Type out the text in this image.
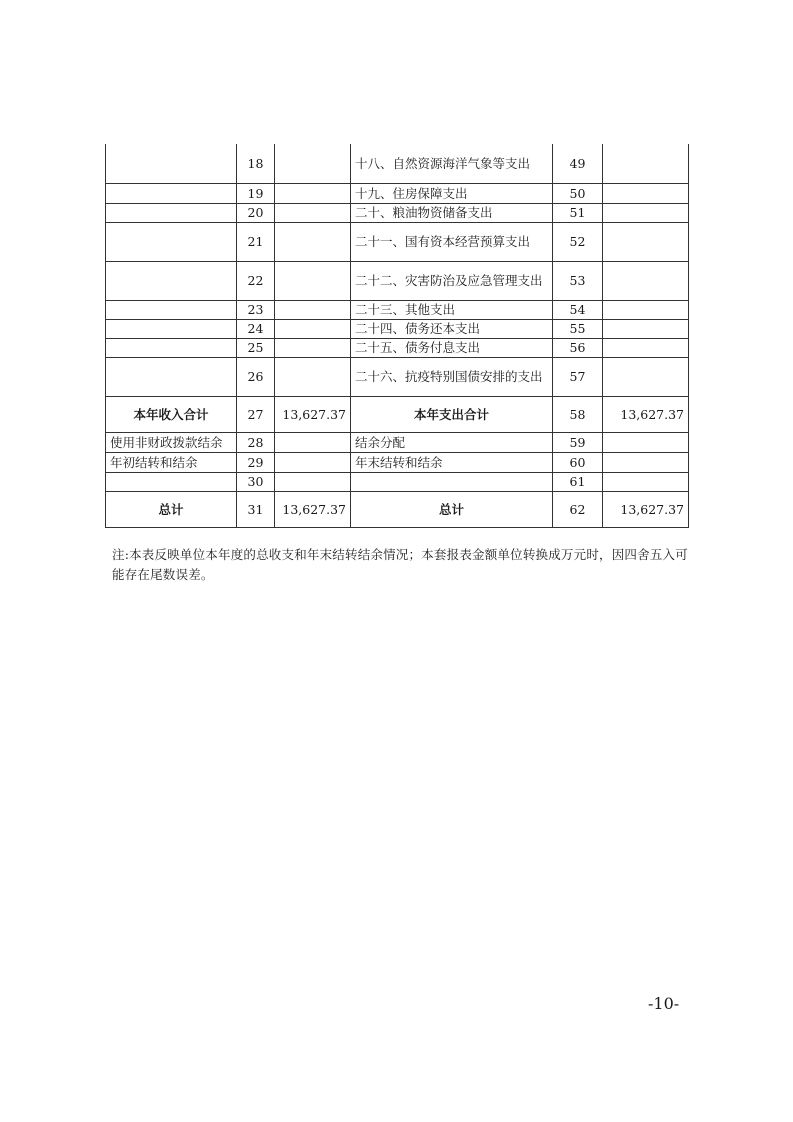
	18		十八、自然资源海洋气象等支出	49	
	19		十九、住房保障支出	50	
	20		二十、粮油物资储备支出	51	
	21		二十一、国有资本经营预算支出	52	
	22		二十二、灾害防治及应急管理支出	53	
	23		二十三、其他支出	54	
	24		二十四、债务还本支出	55	
	25		二十五、债务付息支出	56	
	26		二十六、抗疫特别国债安排的支出	57	
本年收入合计	27	13,627.37	本年支出合计	58	13,627.37
使用非财政拨款结余	28		结余分配	59	
年初结转和结余	29		年末结转和结余	60	
	30			61	
总计	31	13,627.37	总计	62	13,627.37
注:本表反映单位本年度的总收支和年末结转结余情况；本套报表金额单位转换成万元时，因四舍五入可能存在尾数误差。
-10-
